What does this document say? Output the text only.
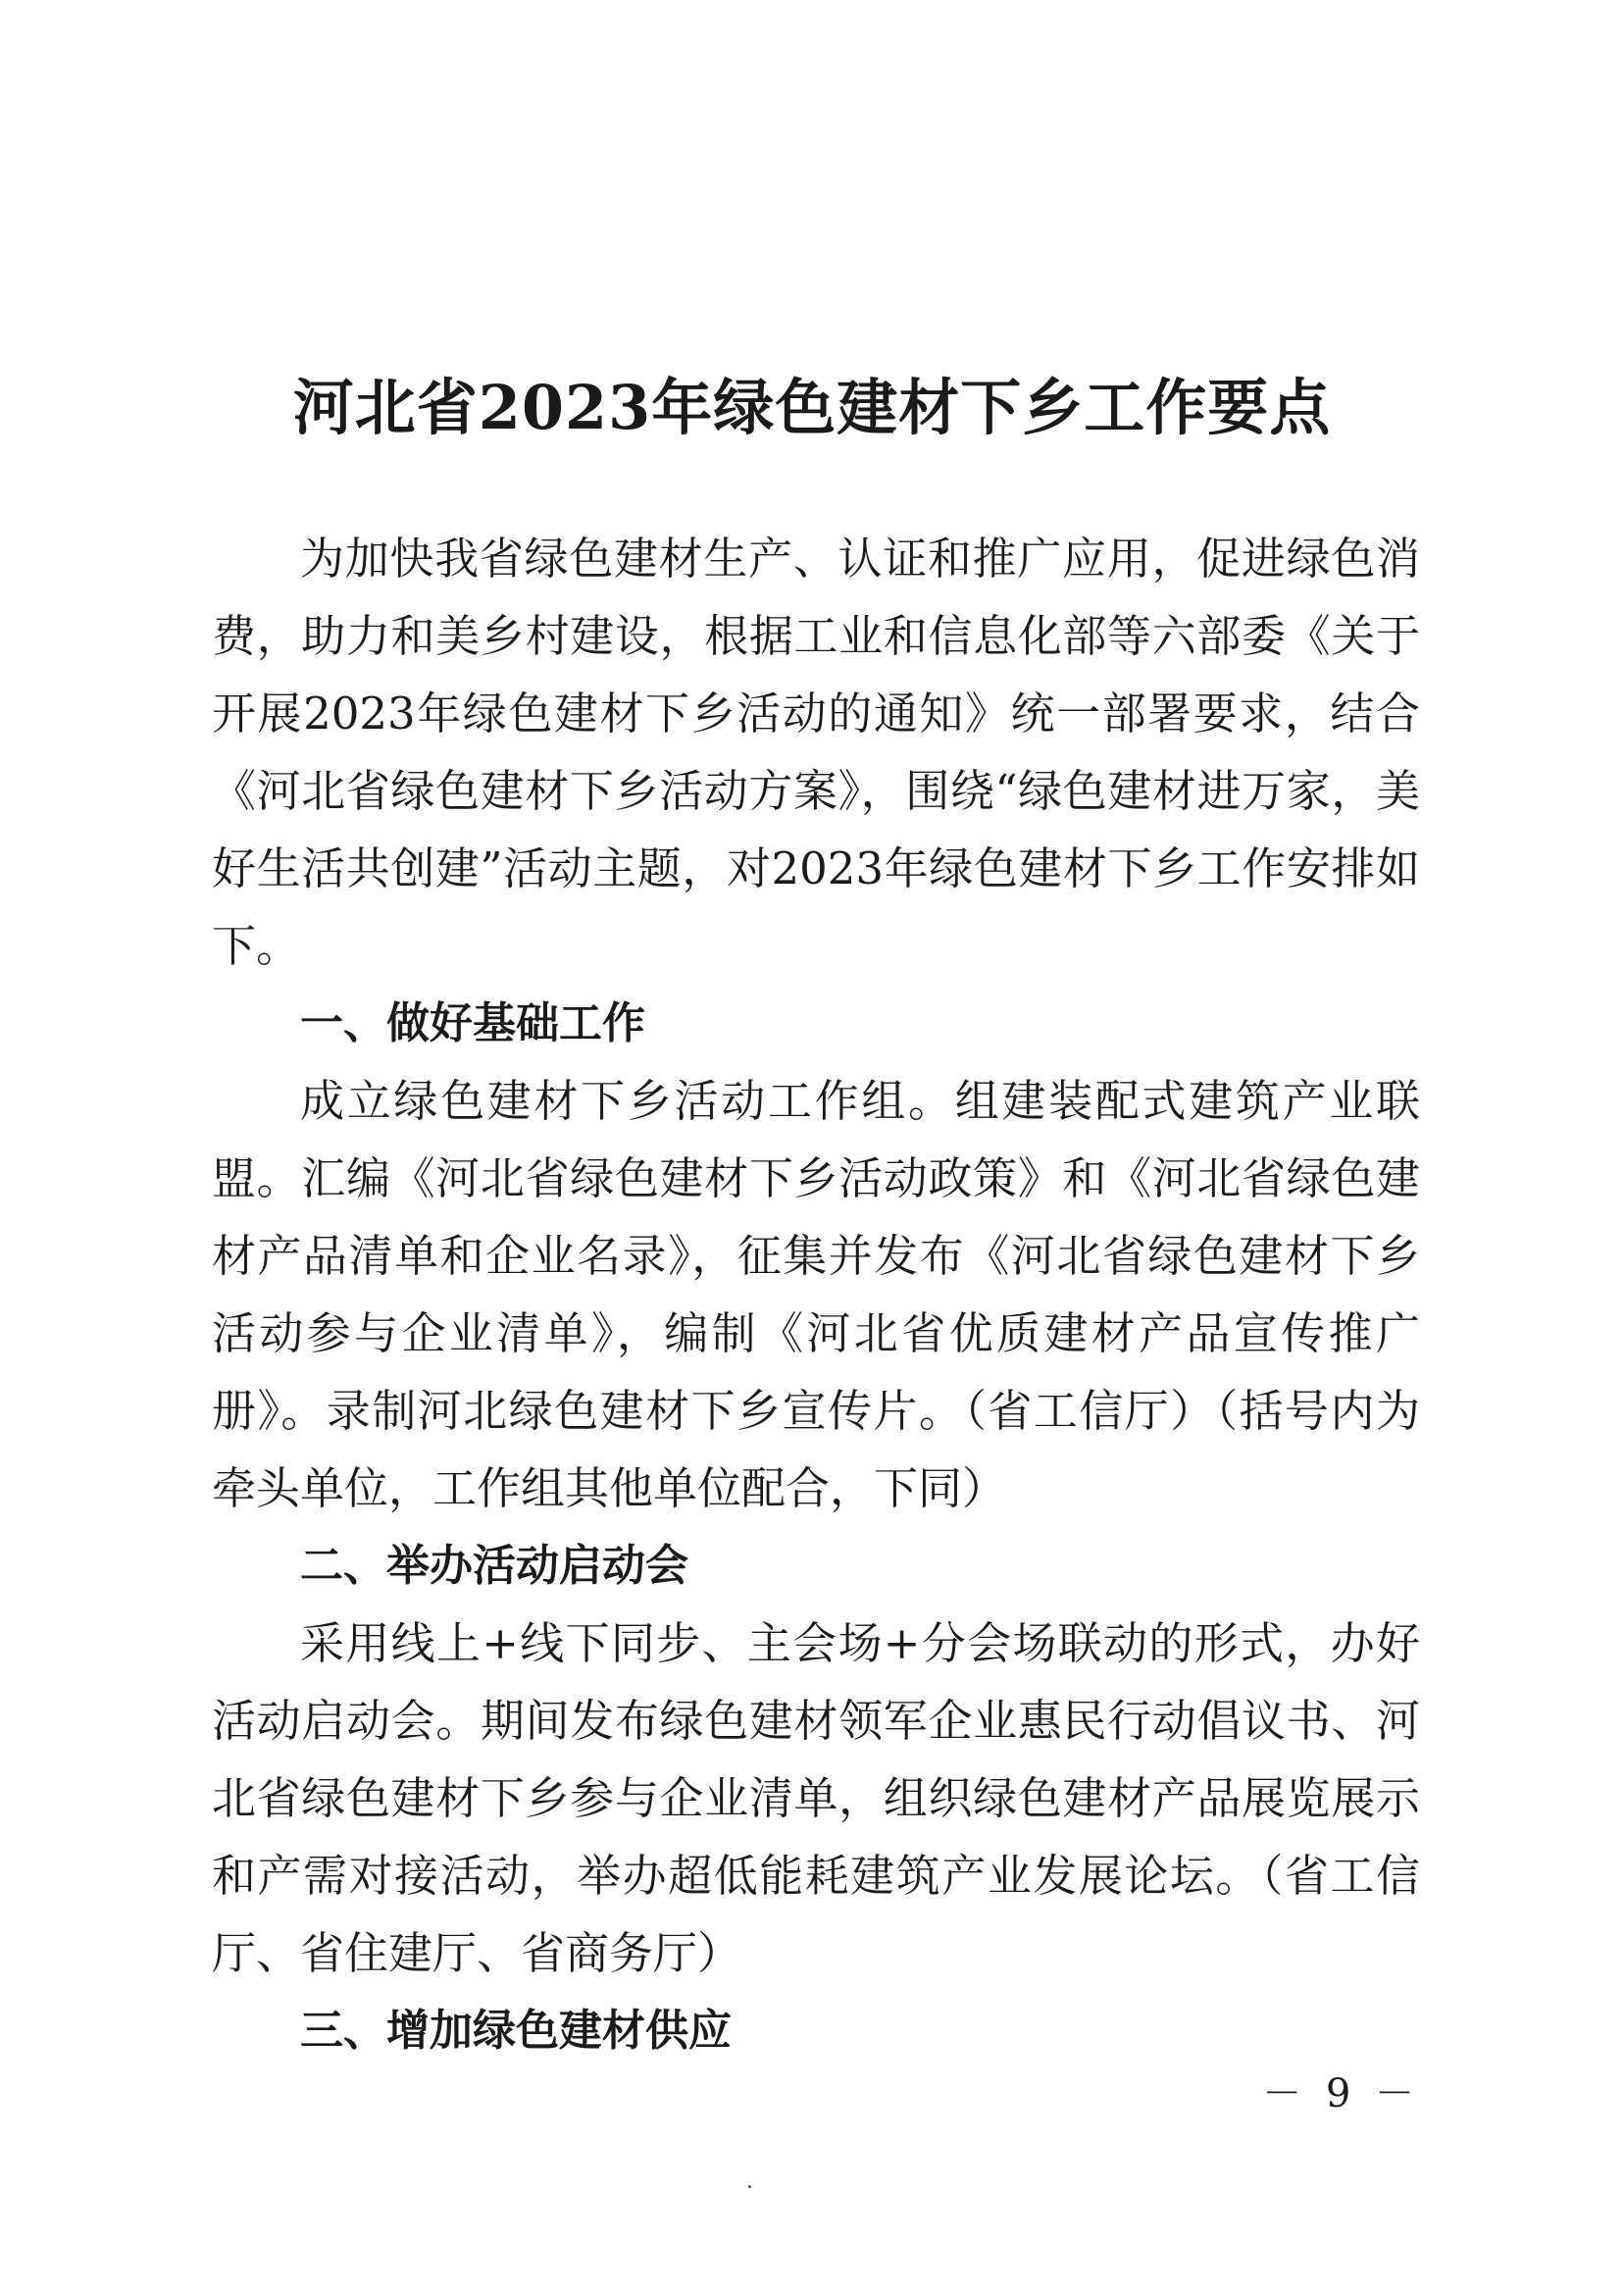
河北省2023年绿色建材下乡工作要点

为加快我省绿色建材生产、认证和推广应用，促进绿色消费，助力和美乡村建设，根据工业和信息化部等六部委《关于开展2023年绿色建材下乡活动的通知》统一部署要求，结合《河北省绿色建材下乡活动方案》，围绕“绿色建材进万家，美好生活共创建”活动主题，对2023年绿色建材下乡工作安排如下。

一、做好基础工作

成立绿色建材下乡活动工作组。组建装配式建筑产业联盟。汇编《河北省绿色建材下乡活动政策》和《河北省绿色建材产品清单和企业名录》，征集并发布《河北省绿色建材下乡活动参与企业清单》，编制《河北省优质建材产品宣传推广册》。录制河北绿色建材下乡宣传片。（省工信厅）（括号内为牵头单位，工作组其他单位配合，下同）

二、举办活动启动会

采用线上+线下同步、主会场+分会场联动的形式，办好活动启动会。期间发布绿色建材领军企业惠民行动倡议书、河北省绿色建材下乡参与企业清单，组织绿色建材产品展览展示和产需对接活动，举办超低能耗建筑产业发展论坛。（省工信厅、省住建厅、省商务厅）

三、增加绿色建材供应
－ 9 －
